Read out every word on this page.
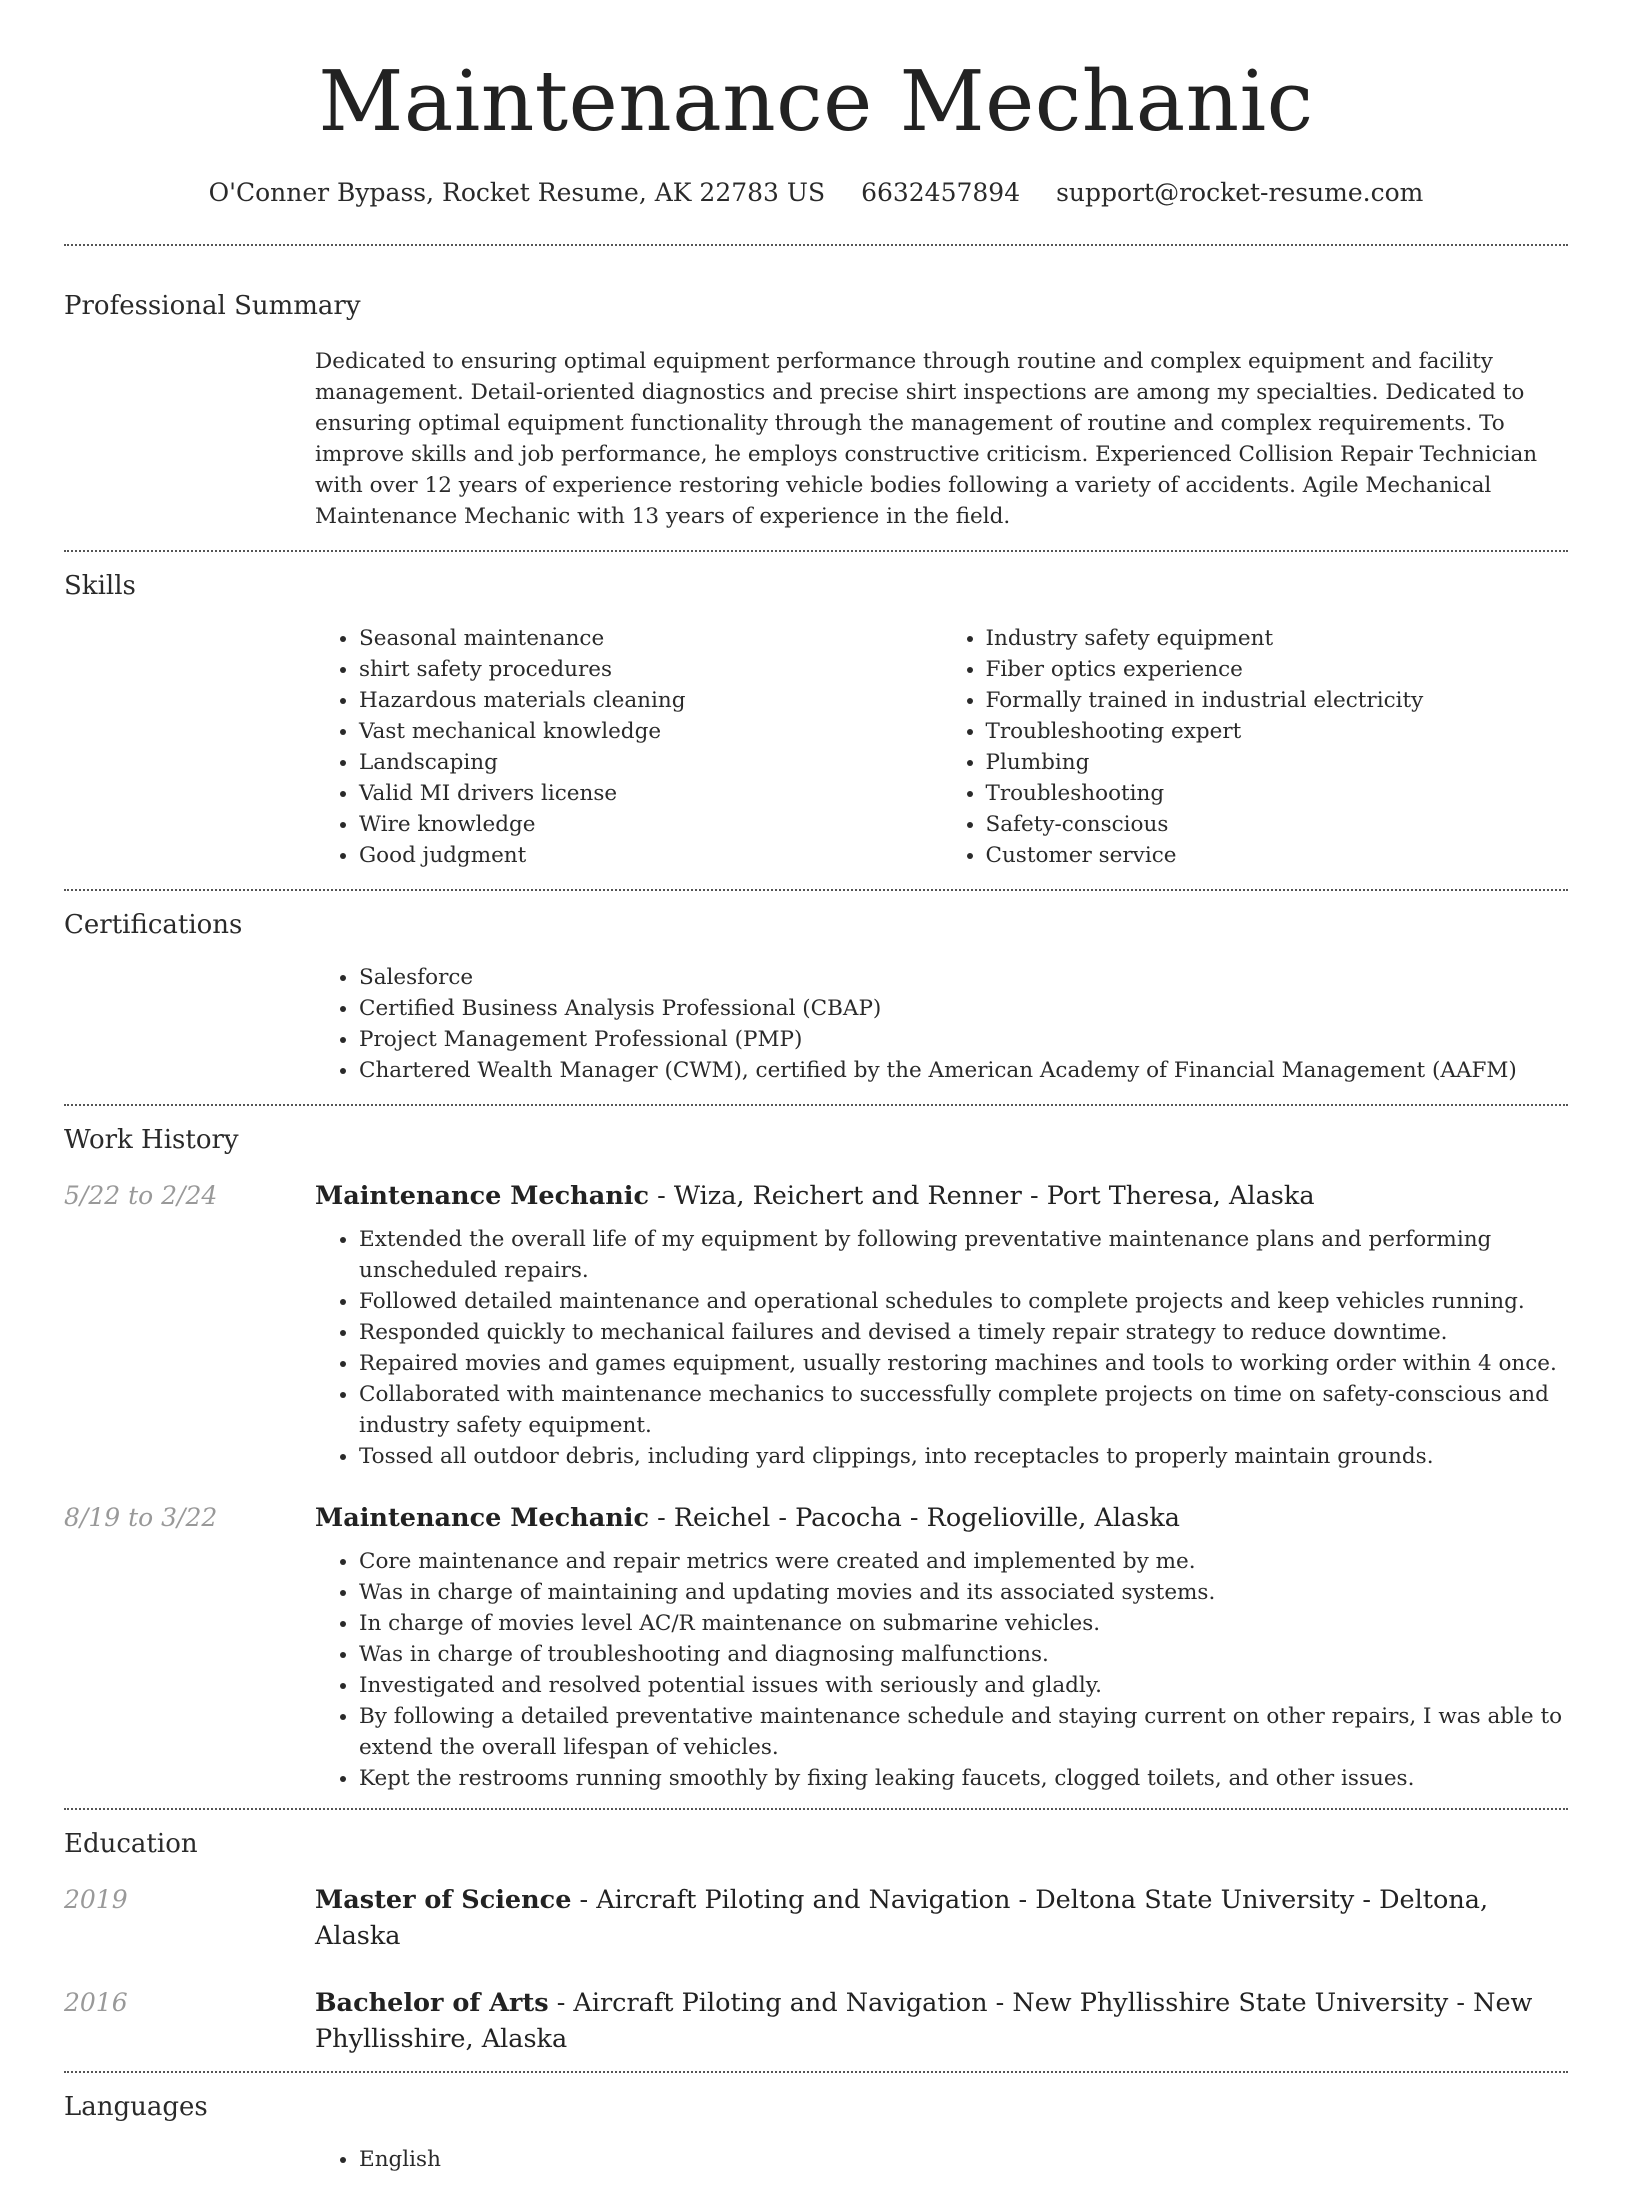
Maintenance Mechanic
O'Conner Bypass, Rocket Resume, AK 22783 US 6632457894 support@rocket-resume.com
Professional Summary
Dedicated to ensuring optimal equipment performance through routine and complex equipment and facility management. Detail-oriented diagnostics and precise shirt inspections are among my specialties. Dedicated to ensuring optimal equipment functionality through the management of routine and complex requirements. To improve skills and job performance, he employs constructive criticism. Experienced Collision Repair Technician with over 12 years of experience restoring vehicle bodies following a variety of accidents. Agile Mechanical Maintenance Mechanic with 13 years of experience in the field.
Skills
• Seasonal maintenance
• shirt safety procedures
• Hazardous materials cleaning
• Vast mechanical knowledge
• Landscaping
• Valid MI drivers license
• Wire knowledge
• Good judgment
• Industry safety equipment
• Fiber optics experience
• Formally trained in industrial electricity
• Troubleshooting expert
• Plumbing
• Troubleshooting
• Safety-conscious
• Customer service
Certifications
• Salesforce
• Certified Business Analysis Professional (CBAP)
• Project Management Professional (PMP)
• Chartered Wealth Manager (CWM), certified by the American Academy of Financial Management (AAFM)
Work History
5/22 to 2/24	Maintenance Mechanic - Wiza, Reichert and Renner - Port Theresa, Alaska
• Extended the overall life of my equipment by following preventative maintenance plans and performing unscheduled repairs.
• Followed detailed maintenance and operational schedules to complete projects and keep vehicles running.
• Responded quickly to mechanical failures and devised a timely repair strategy to reduce downtime.
• Repaired movies and games equipment, usually restoring machines and tools to working order within 4 once.
• Collaborated with maintenance mechanics to successfully complete projects on time on safety-conscious and industry safety equipment.
• Tossed all outdoor debris, including yard clippings, into receptacles to properly maintain grounds.
8/19 to 3/22	Maintenance Mechanic - Reichel - Pacocha - Rogelioville, Alaska
• Core maintenance and repair metrics were created and implemented by me.
• Was in charge of maintaining and updating movies and its associated systems.
• In charge of movies level AC/R maintenance on submarine vehicles.
• Was in charge of troubleshooting and diagnosing malfunctions.
• Investigated and resolved potential issues with seriously and gladly.
• By following a detailed preventative maintenance schedule and staying current on other repairs, I was able to extend the overall lifespan of vehicles.
• Kept the restrooms running smoothly by fixing leaking faucets, clogged toilets, and other issues.
Education
2019	Master of Science - Aircraft Piloting and Navigation - Deltona State University - Deltona, Alaska
2016	Bachelor of Arts - Aircraft Piloting and Navigation - New Phyllisshire State University - New Phyllisshire, Alaska
Languages
• English
